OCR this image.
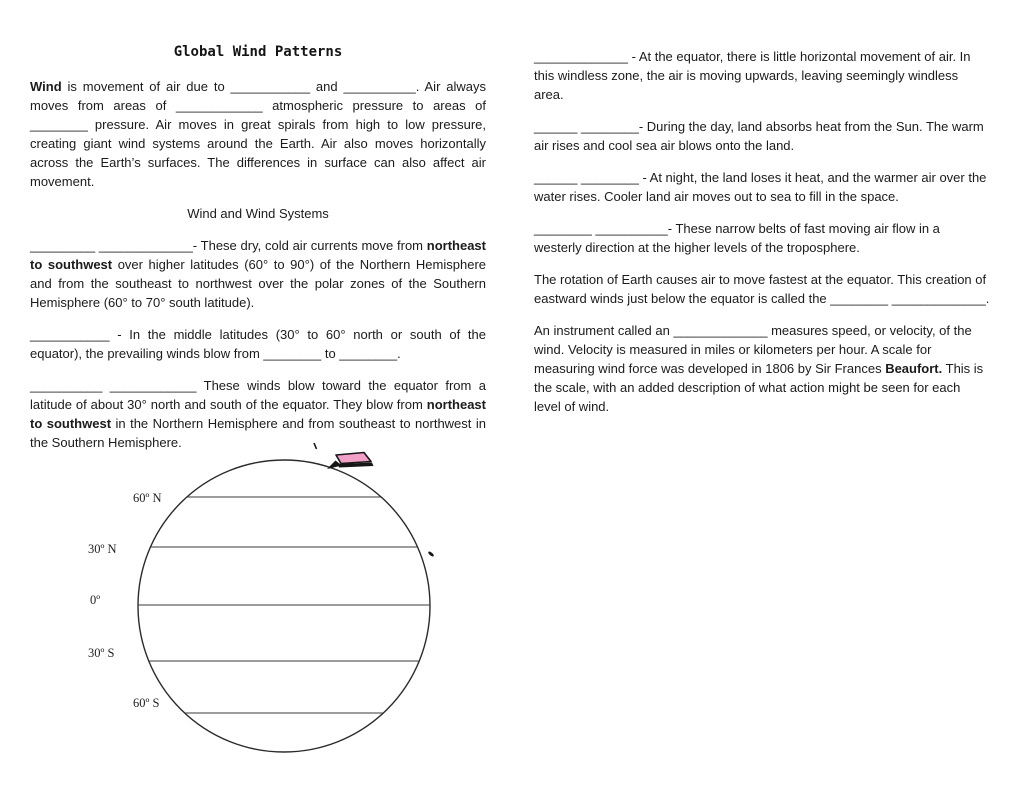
Global Wind Patterns

Wind is movement of air due to ___________ and __________. Air always moves from areas of ____________ atmospheric pressure to areas of ________ pressure. Air moves in great spirals from high to low pressure, creating giant wind systems around the Earth. Air also moves horizontally across the Earth’s surfaces. The differences in surface can also affect air movement.

Wind and Wind Systems

_________ _____________- These dry, cold air currents move from northeast to southwest over higher latitudes (60° to 90°) of the Northern Hemisphere and from the southeast to northwest over the polar zones of the Southern Hemisphere (60° to 70° south latitude).

___________ - In the middle latitudes (30° to 60° north or south of the equator), the prevailing winds blow from ________ to ________.

__________ ____________ These winds blow toward the equator from a latitude of about 30° north and south of the equator. They blow from northeast to southwest in the Northern Hemisphere and from southeast to northwest in the Southern Hemisphere.

_____________ - At the equator, there is little horizontal movement of air. In this windless zone, the air is moving upwards, leaving seemingly windless area.

______ ________- During the day, land absorbs heat from the Sun. The warm air rises and cool sea air blows onto the land.

______ ________ - At night, the land loses it heat, and the warmer air over the water rises. Cooler land air moves out to sea to fill in the space.

________ __________- These narrow belts of fast moving air flow in a westerly direction at the higher levels of the troposphere.

The rotation of Earth causes air to move fastest at the equator. This creation of eastward winds just below the equator is called the ________ _____________.

An instrument called an _____________ measures speed, or velocity, of the wind. Velocity is measured in miles or kilometers per hour. A scale for measuring wind force was developed in 1806 by Sir Frances Beaufort. This is the scale, with an added description of what action might be seen for each level of wind.

60º N
30º N
0º
30º S
60º S
